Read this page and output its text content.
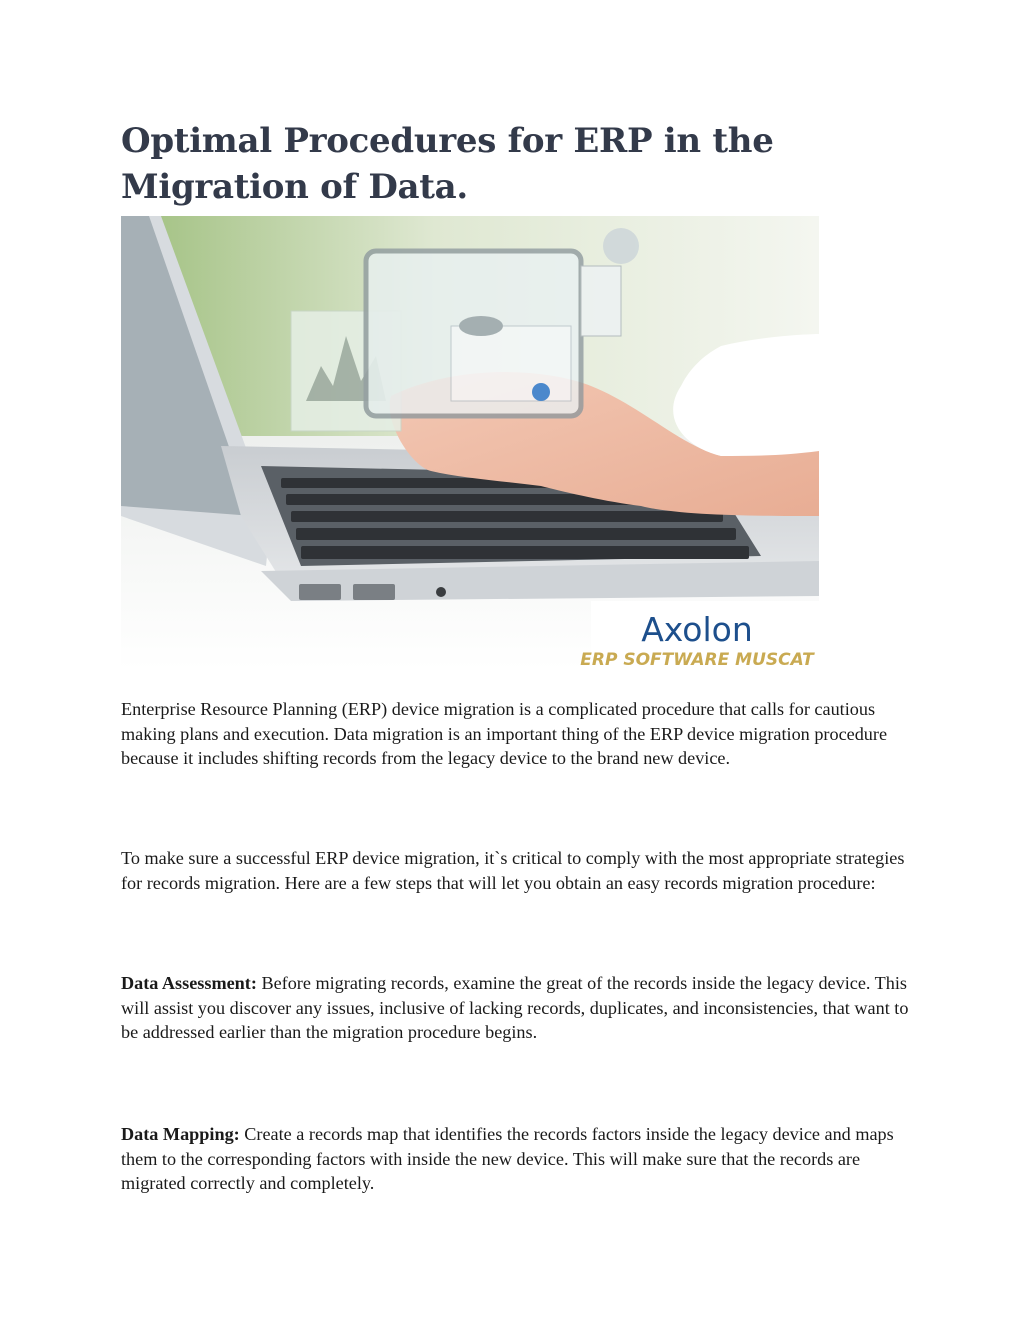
Optimal Procedures for ERP in the Migration of Data.
Axolon
ERP SOFTWARE MUSCAT

Enterprise Resource Planning (ERP) device migration is a complicated procedure that calls for cautious making plans and execution. Data migration is an important thing of the ERP device migration procedure because it includes shifting records from the legacy device to the brand new device.

To make sure a successful ERP device migration, it`s critical to comply with the most appropriate strategies for records migration. Here are a few steps that will let you obtain an easy records migration procedure:

Data Assessment: Before migrating records, examine the great of the records inside the legacy device. This will assist you discover any issues, inclusive of lacking records, duplicates, and inconsistencies, that want to be addressed earlier than the migration procedure begins.

Data Mapping: Create a records map that identifies the records factors inside the legacy device and maps them to the corresponding factors with inside the new device. This will make sure that the records are migrated correctly and completely.
